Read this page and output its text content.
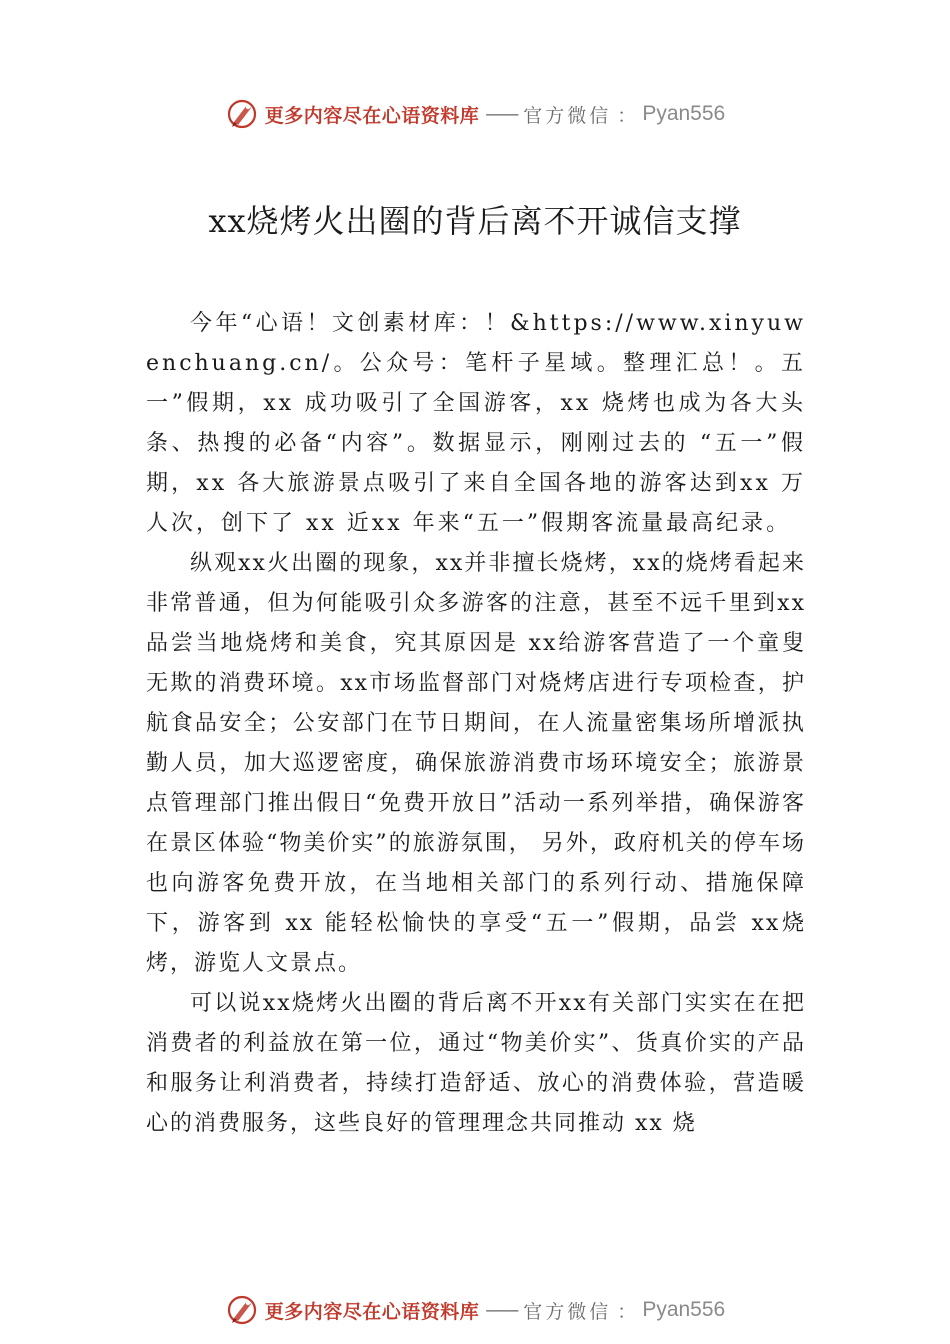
更多内容尽在心语资料库 —— 官方微信 ： Pyan556
xx烧烤火出圈的背后离不开诚信支撑

今年“心语！文创素材库：！&https://www.xinyuwenchuang.cn/。公众号：笔杆子星域。整理汇总！。五一”假期，xx 成功吸引了全国游客，xx 烧烤也成为各大头条、热搜的必备“内容”。数据显示，刚刚过去的 “五一”假期，xx 各大旅游景点吸引了来自全国各地的游客达到xx 万人次，创下了 xx 近xx 年来“五一”假期客流量最高纪录。

纵观xx火出圈的现象，xx并非擅长烧烤，xx的烧烤看起来非常普通，但为何能吸引众多游客的注意，甚至不远千里到xx品尝当地烧烤和美食，究其原因是 xx给游客营造了一个童叟无欺的消费环境。xx市场监督部门对烧烤店进行专项检查，护航食品安全；公安部门在节日期间，在人流量密集场所增派执勤人员，加大巡逻密度，确保旅游消费市场环境安全；旅游景点管理部门推出假日“免费开放日”活动一系列举措，确保游客在景区体验“物美价实”的旅游氛围， 另外，政府机关的停车场也向游客免费开放，在当地相关部门的系列行动、措施保障下，游客到 xx 能轻松愉快的享受“五一”假期，品尝 xx烧烤，游览人文景点。

可以说xx烧烤火出圈的背后离不开xx有关部门实实在在把消费者的利益放在第一位，通过“物美价实”、货真价实的产品和服务让利消费者，持续打造舒适、放心的消费体验，营造暖心的消费服务，这些良好的管理理念共同推动 xx 烧

更多内容尽在心语资料库 —— 官方微信 ： Pyan556
